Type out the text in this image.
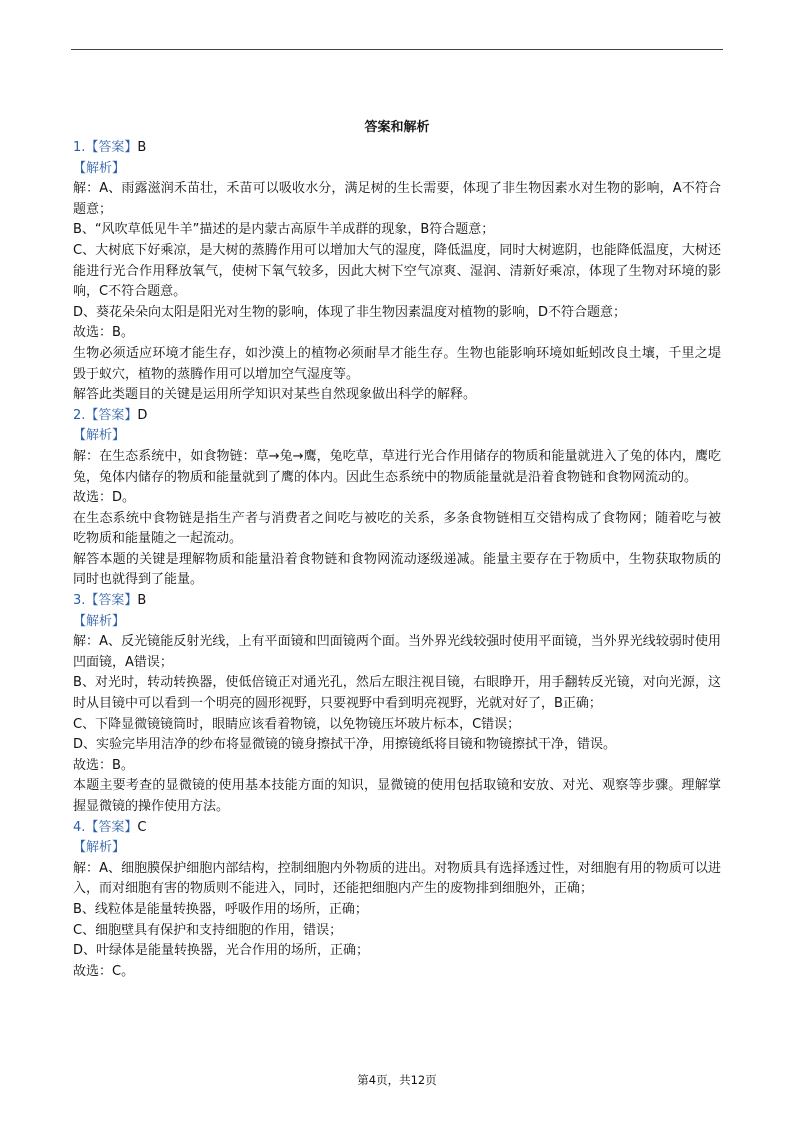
答案和解析

1.【答案】B

【解析】

解：A、雨露滋润禾苗壮，禾苗可以吸收水分，满足树的生长需要，体现了非生物因素水对生物的影响，A不符合题意；

B、“风吹草低见牛羊”描述的是内蒙古高原牛羊成群的现象，B符合题意；

C、大树底下好乘凉，是大树的蒸腾作用可以增加大气的湿度，降低温度，同时大树遮阴，也能降低温度，大树还能进行光合作用释放氧气，使树下氧气较多，因此大树下空气凉爽、湿润、清新好乘凉，体现了生物对环境的影响，C不符合题意。

D、葵花朵朵向太阳是阳光对生物的影响，体现了非生物因素温度对植物的影响，D不符合题意；

故选：B。

生物必须适应环境才能生存，如沙漠上的植物必须耐旱才能生存。生物也能影响环境如蚯蚓改良土壤，千里之堤毁于蚁穴，植物的蒸腾作用可以增加空气湿度等。

解答此类题目的关键是运用所学知识对某些自然现象做出科学的解释。

2.【答案】D

【解析】

解：在生态系统中，如食物链：草→兔→鹰，兔吃草，草进行光合作用储存的物质和能量就进入了兔的体内，鹰吃兔，兔体内储存的物质和能量就到了鹰的体内。因此生态系统中的物质能量就是沿着食物链和食物网流动的。

故选：D。

在生态系统中食物链是指生产者与消费者之间吃与被吃的关系，多条食物链相互交错构成了食物网；随着吃与被吃物质和能量随之一起流动。

解答本题的关键是理解物质和能量沿着食物链和食物网流动逐级递减。能量主要存在于物质中，生物获取物质的同时也就得到了能量。

3.【答案】B

【解析】

解：A、反光镜能反射光线，上有平面镜和凹面镜两个面。当外界光线较强时使用平面镜，当外界光线较弱时使用凹面镜，A错误；

B、对光时，转动转换器，使低倍镜正对通光孔，然后左眼注视目镜，右眼睁开，用手翻转反光镜，对向光源，这时从目镜中可以看到一个明亮的圆形视野，只要视野中看到明亮视野，光就对好了，B正确；

C、下降显微镜镜筒时，眼睛应该看着物镜，以免物镜压坏玻片标本，C错误；

D、实验完毕用洁净的纱布将显微镜的镜身擦拭干净，用擦镜纸将目镜和物镜擦拭干净，错误。

故选：B。

本题主要考查的显微镜的使用基本技能方面的知识，显微镜的使用包括取镜和安放、对光、观察等步骤。理解掌握显微镜的操作使用方法。

4.【答案】C

【解析】

解：A、细胞膜保护细胞内部结构，控制细胞内外物质的进出。对物质具有选择透过性，对细胞有用的物质可以进入，而对细胞有害的物质则不能进入，同时，还能把细胞内产生的废物排到细胞外，正确；

B、线粒体是能量转换器，呼吸作用的场所，正确；

C、细胞壁具有保护和支持细胞的作用，错误；

D、叶绿体是能量转换器，光合作用的场所，正确；

故选：C。

第4页，共12页
